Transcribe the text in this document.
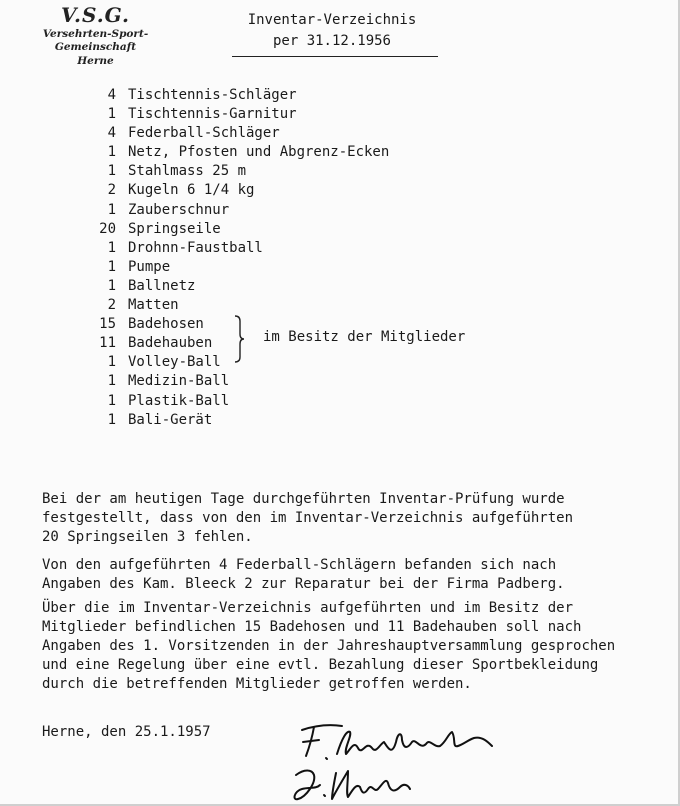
V.S.G.
Versehrten-Sport-Gemeinschaft
Herne
Inventar-Verzeichnis
per 31.12.1956
4 Tischtennis-Schläger
1 Tischtennis-Garnitur
4 Federball-Schläger
1 Netz, Pfosten und Abgrenz-Ecken
1 Stahlmass 25 m
2 Kugeln 6 1/4 kg
1 Zauberschnur
20 Springseile
1 Drohnn-Faustball
1 Pumpe
1 Ballnetz
2 Matten
15 Badehosen
11 Badehauben
1 Volley-Ball
1 Medizin-Ball
1 Plastik-Ball
1 Bali-Gerät
im Besitz der Mitglieder

Bei der am heutigen Tage durchgeführten Inventar-Prüfung wurde
festgestellt, dass von den im Inventar-Verzeichnis aufgeführten
20 Springseilen 3 fehlen.

Von den aufgeführten 4 Federball-Schlägern befanden sich nach
Angaben des Kam. Bleeck 2 zur Reparatur bei der Firma Padberg.

Über die im Inventar-Verzeichnis aufgeführten und im Besitz der
Mitglieder befindlichen 15 Badehosen und 11 Badehauben soll nach
Angaben des 1. Vorsitzenden in der Jahreshauptversammlung gesprochen
und eine Regelung über eine evtl. Bezahlung dieser Sportbekleidung
durch die betreffenden Mitglieder getroffen werden.

Herne, den 25.1.1957
